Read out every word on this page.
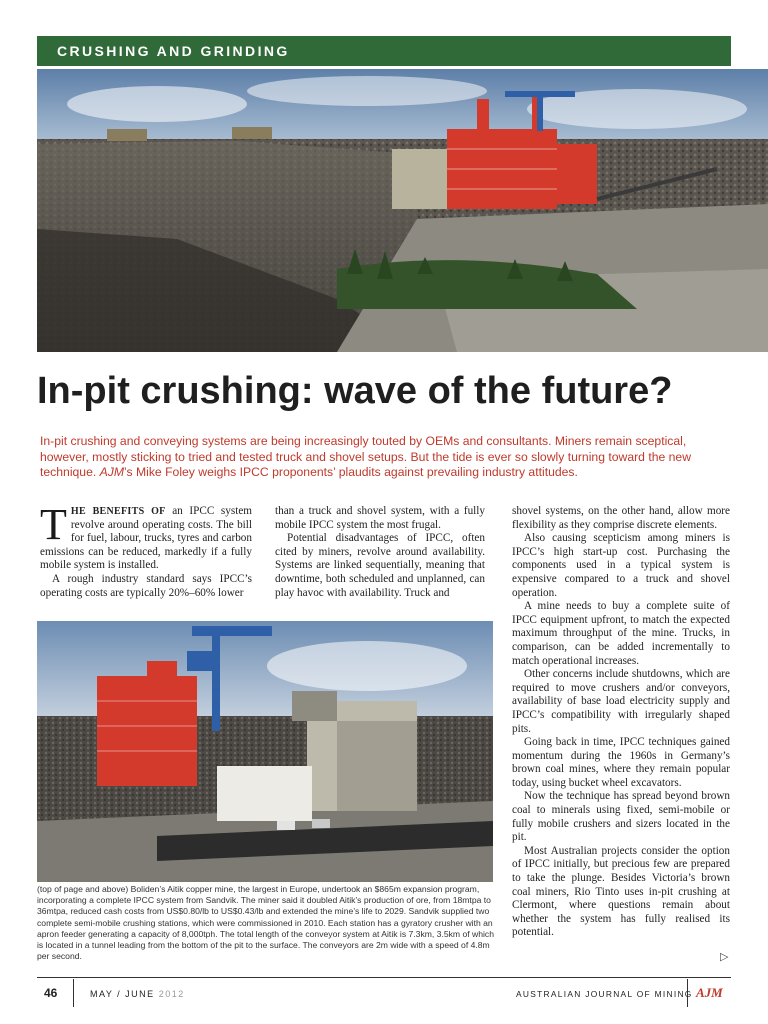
CRUSHING AND GRINDING
In-pit crushing: wave of the future?

In-pit crushing and conveying systems are being increasingly touted by OEMs and consultants. Miners remain sceptical, however, mostly sticking to tried and tested truck and shovel setups. But the tide is ever so slowly turning toward the new technique. AJM’s Mike Foley weighs IPCC proponents’ plaudits against prevailing industry attitudes.

THE BENEFITS OF an IPCC system revolve around operating costs. The bill for fuel, labour, trucks, tyres and carbon emissions can be reduced, markedly if a fully mobile system is installed.

A rough industry standard says IPCC’s operating costs are typically 20%–60% lower

than a truck and shovel system, with a fully mobile IPCC system the most frugal.

Potential disadvantages of IPCC, often cited by miners, revolve around availability. Systems are linked sequentially, meaning that downtime, both scheduled and unplanned, can play havoc with availability. Truck and

shovel systems, on the other hand, allow more flexibility as they comprise discrete elements.

Also causing scepticism among miners is IPCC’s high start-up cost. Purchasing the components used in a typical system is expensive compared to a truck and shovel operation.

A mine needs to buy a complete suite of IPCC equipment upfront, to match the expected maximum throughput of the mine. Trucks, in comparison, can be added incrementally to match operational increases.

Other concerns include shutdowns, which are required to move crushers and/or conveyors, availability of base load electricity supply and IPCC’s compatibility with irregularly shaped pits.

Going back in time, IPCC techniques gained momentum during the 1960s in Germany’s brown coal mines, where they remain popular today, using bucket wheel excavators.

Now the technique has spread beyond brown coal to minerals using fixed, semi-mobile or fully mobile crushers and sizers located in the pit.

Most Australian projects consider the option of IPCC initially, but precious few are prepared to take the plunge. Besides Victoria’s brown coal miners, Rio Tinto uses in-pit crushing at Clermont, where questions remain about whether the system has fully realised its potential.

(top of page and above) Boliden’s Aitik copper mine, the largest in Europe, undertook an $865m expansion program, incorporating a complete IPCC system from Sandvik. The miner said it doubled Aitik’s production of ore, from 18mtpa to 36mtpa, reduced cash costs from US$0.80/lb to US$0.43/lb and extended the mine’s life to 2029. Sandvik supplied two complete semi-mobile crushing stations, which were commissioned in 2010. Each station has a gyratory crusher with an apron feeder generating a capacity of 8,000tph. The total length of the conveyor system at Aitik is 7.3km, 3.5km of which is located in a tunnel leading from the bottom of the pit to the surface. The conveyors are 2m wide with a speed of 4.8m per second.	▷
46	MAY / JUNE 2012	AUSTRALIAN JOURNAL OF MINING AJM
